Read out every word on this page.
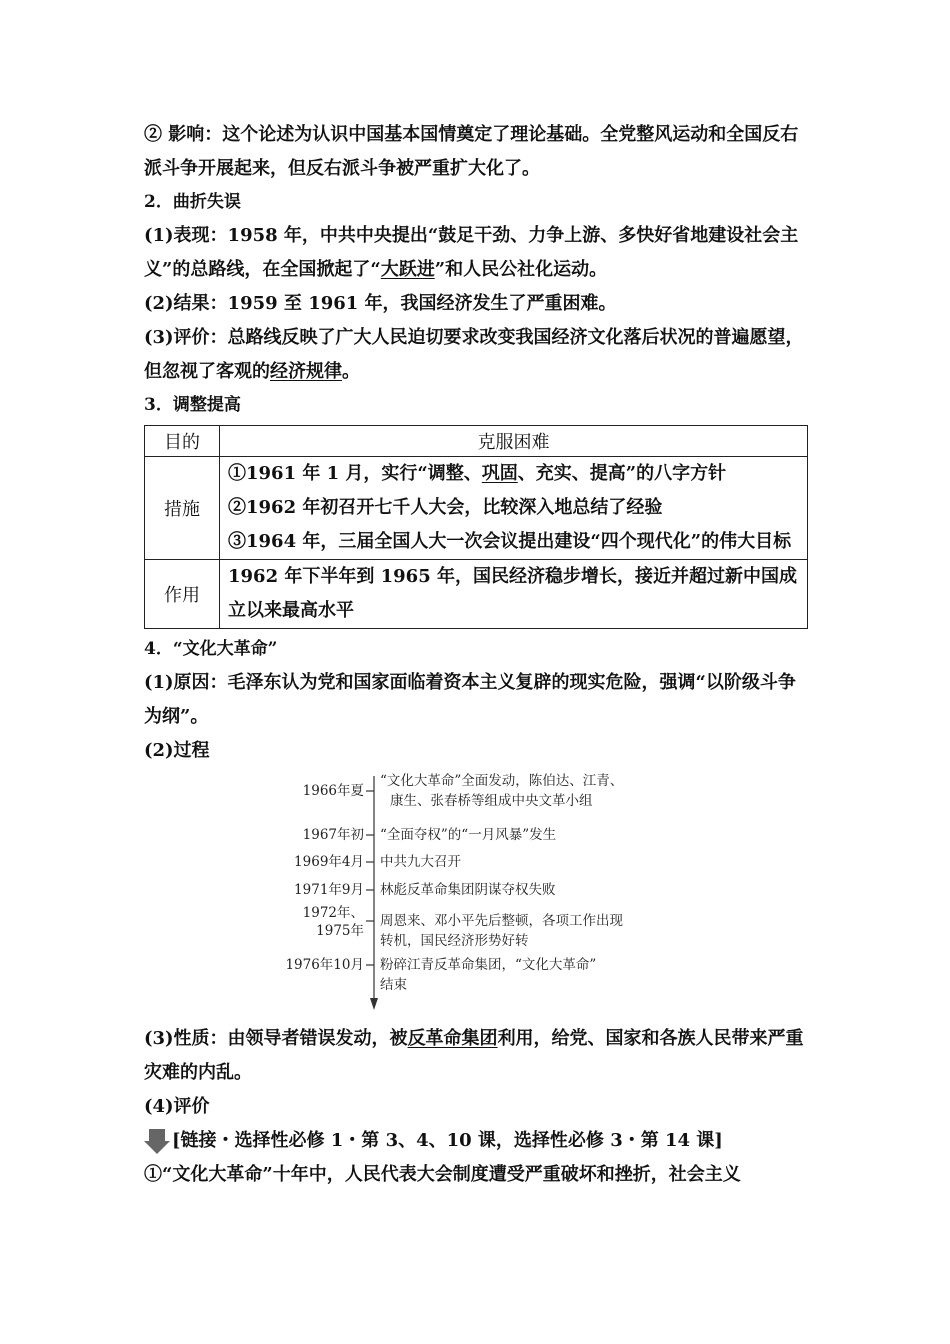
② 影响：这个论述为认识中国基本国情奠定了理论基础。全党整风运动和全国反右派斗争开展起来，但反右派斗争被严重扩大化了。

2．曲折失误

(1)表现：1958 年，中共中央提出“鼓足干劲、力争上游、多快好省地建设社会主义”的总路线，在全国掀起了“大跃进”和人民公社化运动。

(2)结果：1959 至 1961 年，我国经济发生了严重困难。

(3)评价：总路线反映了广大人民迫切要求改变我国经济文化落后状况的普遍愿望，但忽视了客观的经济规律。

3．调整提高

目的	克服困难
措施	①1961 年 1 月，实行“调整、巩固、充实、提高”的八字方针
②1962 年初召开七千人大会，比较深入地总结了经验
③1964 年，三届全国人大一次会议提出建设“四个现代化”的伟大目标

作用	1962 年下半年到 1965 年，国民经济稳步增长，接近并超过新中国成立以来最高水平

4．“文化大革命”

(1)原因：毛泽东认为党和国家面临着资本主义复辟的现实危险，强调“以阶级斗争为纲”。

(2)过程

1966年夏
“文化大革命”全面发动，陈伯达、江青、
康生、张春桥等组成中央文革小组
1967年初 “全面夺权”的“一月风暴”发生
1969年4月 中共九大召开
1971年9月 林彪反革命集团阴谋夺权失败
1972年、
1975年
周恩来、邓小平先后整顿，各项工作出现
转机，国民经济形势好转
1976年10月 粉碎江青反革命集团，“文化大革命”
结束

(3)性质：由领导者错误发动，被反革命集团利用，给党、国家和各族人民带来严重灾难的内乱。

(4)评价

[链接・选择性必修 1・第 3、4、10 课，选择性必修 3・第 14 课]

①“文化大革命”十年中，人民代表大会制度遭受严重破坏和挫折，社会主义
